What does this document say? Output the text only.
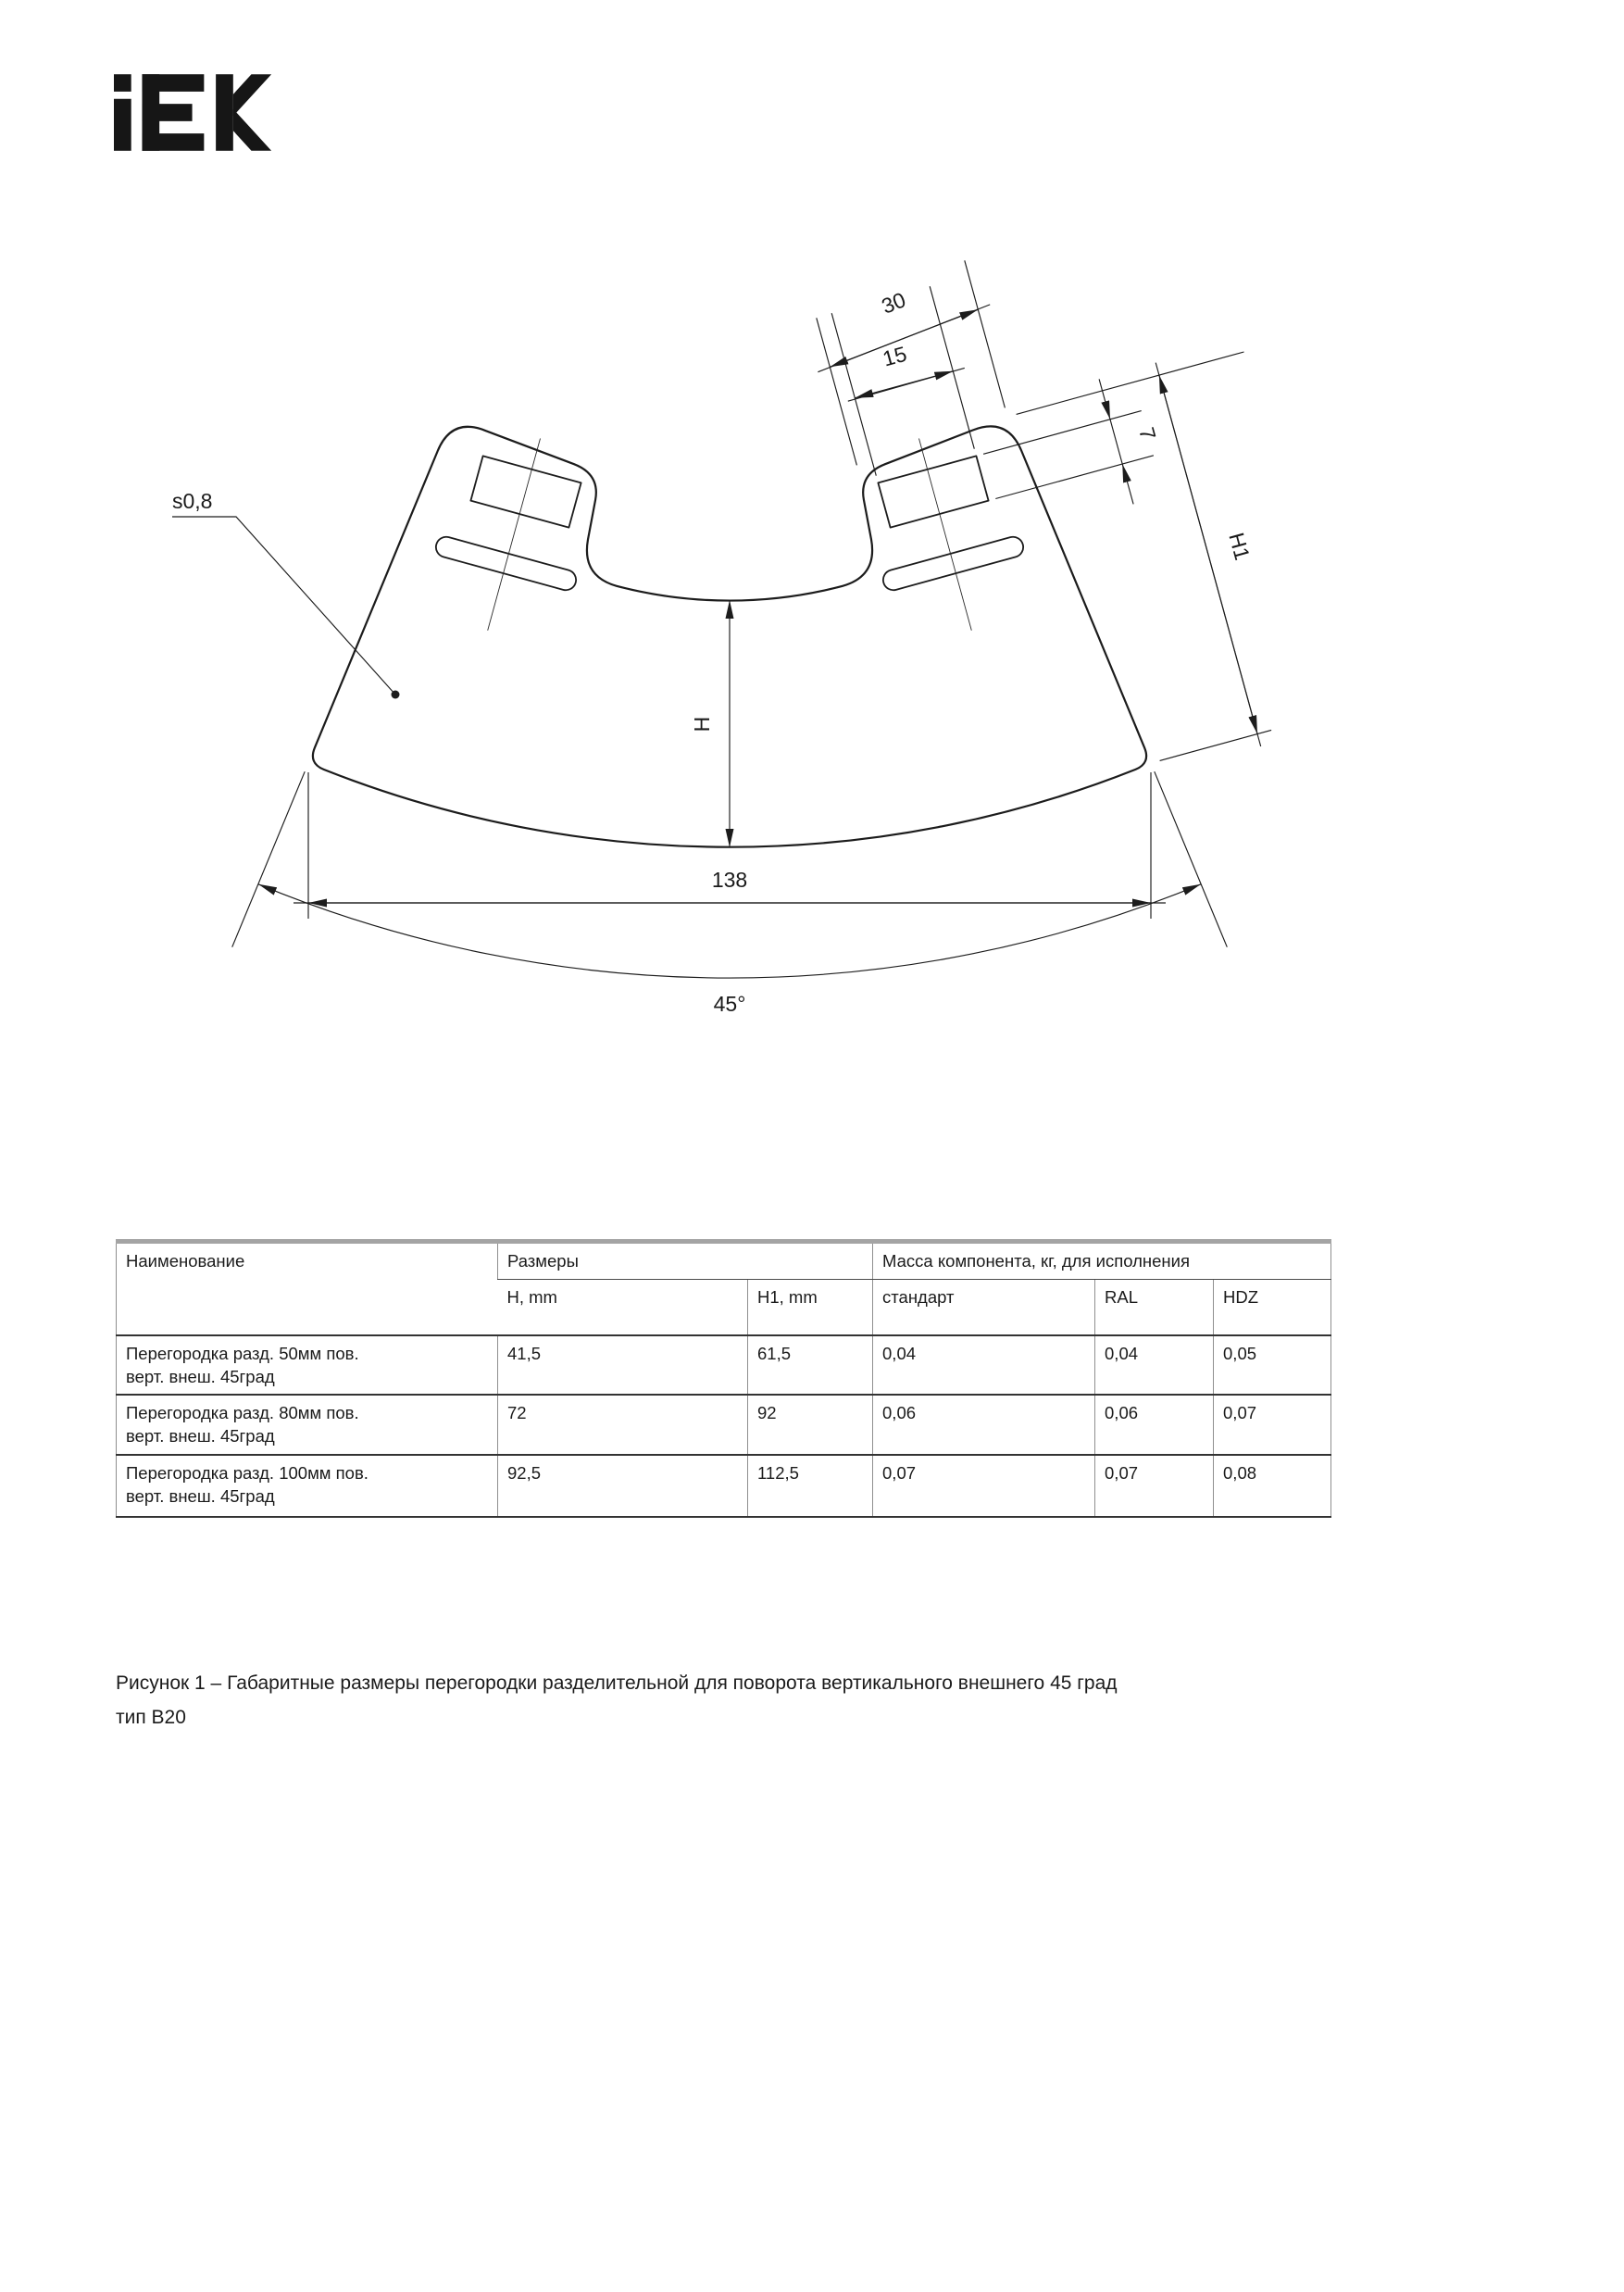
30
15
7
H1
H
138
45°
s0,8
Наименование	Размеры		Масса компонента, кг, для исполнения		
	H, mm	H1, mm	стандарт	RAL	HDZ

Перегородка разд. 50мм пов. верт. внеш. 45град	41,5	61,5	0,04	0,04	0,05

Перегородка разд. 80мм пов. верт. внеш. 45град	72	92	0,06	0,06	0,07

Перегородка разд. 100мм пов. верт. внеш. 45град	92,5	112,5	0,07	0,07	0,08
Рисунок 1 – Габаритные размеры перегородки разделительной для поворота вертикального внешнего 45 град
тип В20
